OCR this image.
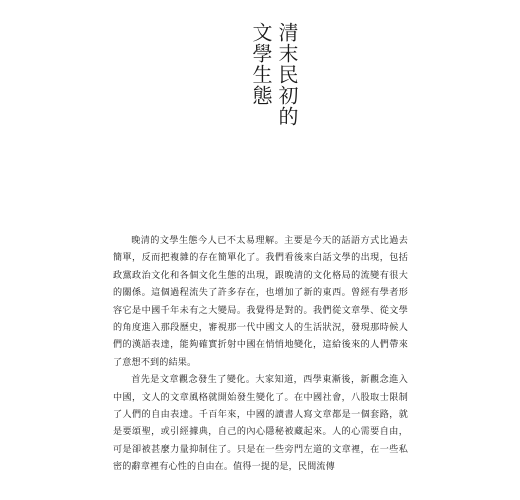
清末民初的
文學生態

晚清的文學生態今人已不太易理解。主要是今天的話語方式比過去簡單，反而把複雜的存在簡單化了。我們看後來白話文學的出現，包括政黨政治文化和各個文化生態的出現，跟晚清的文化格局的流變有很大的關係。這個過程流失了許多存在，也增加了新的東西。曾經有學者形容它是中國千年未有之大變局。我覺得是對的。我們從文章學、從文學的角度進入那段歷史，審視那一代中國文人的生活狀況，發現那時候人們的漢語表達，能夠確實折射中國在悄悄地變化，這給後來的人們帶來了意想不到的結果。

首先是文章觀念發生了變化。大家知道，西學東漸後，新觀念進入中國，文人的文章風格就開始發生變化了。在中國社會，八股取士限制了人們的自由表達。千百年來，中國的讀書人寫文章都是一個套路，就是要頌聖，或引經據典，自己的內心隱秘被藏起來。人的心需要自由，可是卻被甚麼力量抑制住了。只是在一些旁門左道的文章裡，在一些私密的辭章裡有心性的自由在。值得一提的是，民間流傳
